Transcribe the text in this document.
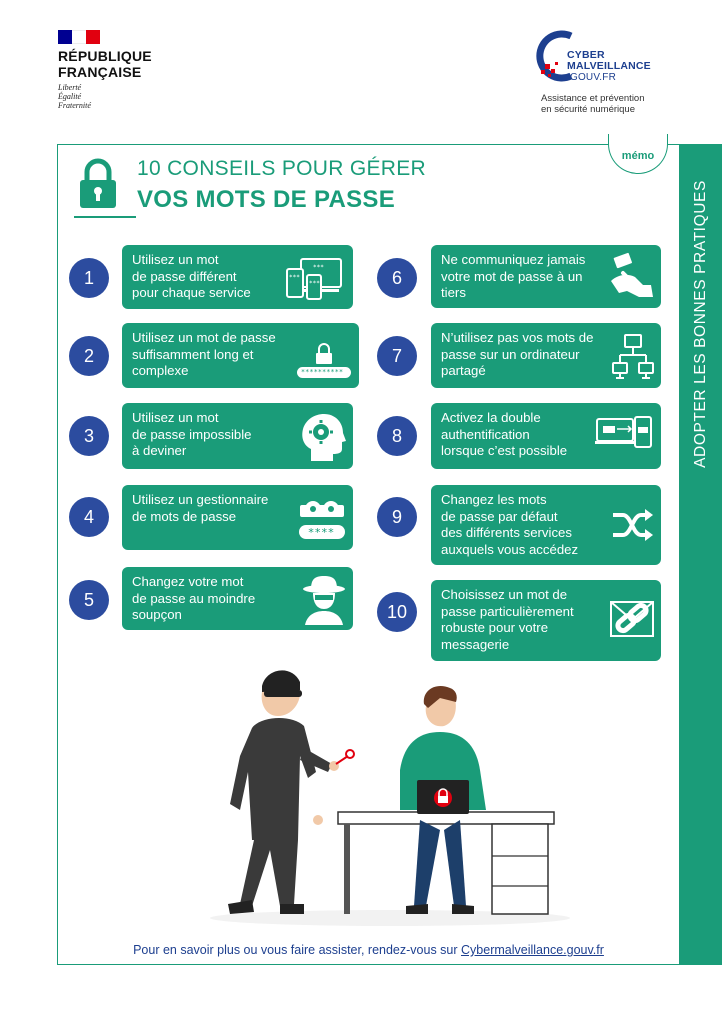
RÉPUBLIQUE
FRANÇAISE
Liberté
Égalité
Fraternité
CYBER
MALVEILLANCE
.GOUV.FR
Assistance et prévention
en sécurité numérique
ADOPTER LES BONNES PRATIQUES
mémo
10 CONSEILS POUR GÉRER
VOS MOTS DE PASSE
1
Utilisez un mot
de passe différent
pour chaque service
***
***
***
2
Utilisez un mot de passe
suffisamment long et
complexe	**********
3
Utilisez un mot
de passe impossible
à deviner
4
Utilisez un gestionnaire
de mots de passe
****
5
Changez votre mot
de passe au moindre
soupçon
6
Ne communiquez jamais
votre mot de passe à un
tiers
7
N’utilisez pas vos mots de
passe sur un ordinateur
partagé
8
Activez la double
authentification
lorsque c’est possible
9
Changez les mots
de passe par défaut
des différents services
auxquels vous accédez
10
Choisissez un mot de
passe particulièrement
robuste pour votre
messagerie
Pour en savoir plus ou vous faire assister, rendez-vous sur Cybermalveillance.gouv.fr
